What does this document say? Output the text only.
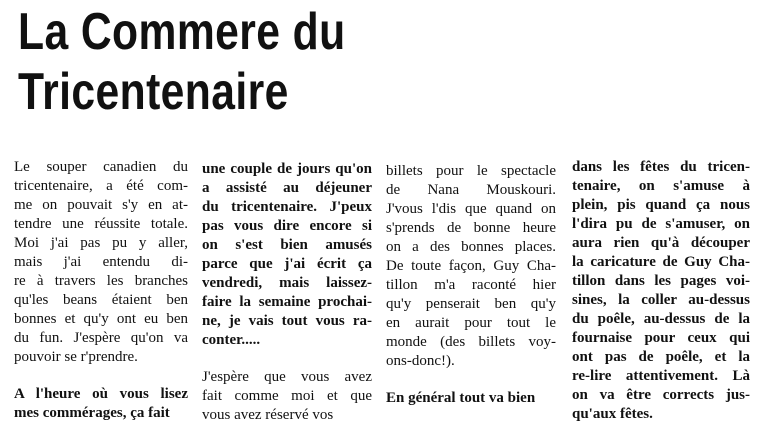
La Commere du
Tricentenaire

Le souper canadien du
tricentenaire, a été com-
me on pouvait s'y en at-
tendre une réussite totale.
Moi j'ai pas pu y aller,
mais j'ai entendu di-
re à travers les branches
qu'les beans étaient ben
bonnes et qu'y ont eu ben
du fun. J'espère qu'on va
pouvoir se r'prendre.

A l'heure où vous lisez
mes commérages, ça fait

une couple de jours qu'on
a assisté au déjeuner
du tricentenaire. J'peux
pas vous dire encore si
on s'est bien amusés
parce que j'ai écrit ça
vendredi, mais laissez-
faire la semaine prochai-
ne, je vais tout vous ra-
conter.....

J'espère que vous avez
fait comme moi et que
vous avez réservé vos

billets pour le spectacle
de Nana Mouskouri.
J'vous l'dis que quand on
s'prends de bonne heure
on a des bonnes places.
De toute façon, Guy Cha-
tillon m'a raconté hier
qu'y penserait ben qu'y
en aurait pour tout le
monde (des billets voy-
ons-donc!).

En général tout va bien

dans les fêtes du tricen-
tenaire, on s'amuse à
plein, pis quand ça nous
l'dira pu de s'amuser, on
aura rien qu'à découper
la caricature de Guy Cha-
tillon dans les pages voi-
sines, la coller au-dessus
du poêle, au-dessus de la
fournaise pour ceux qui
ont pas de poêle, et la
re-lire attentivement. Là
on va être corrects jus-
qu'aux fêtes.
